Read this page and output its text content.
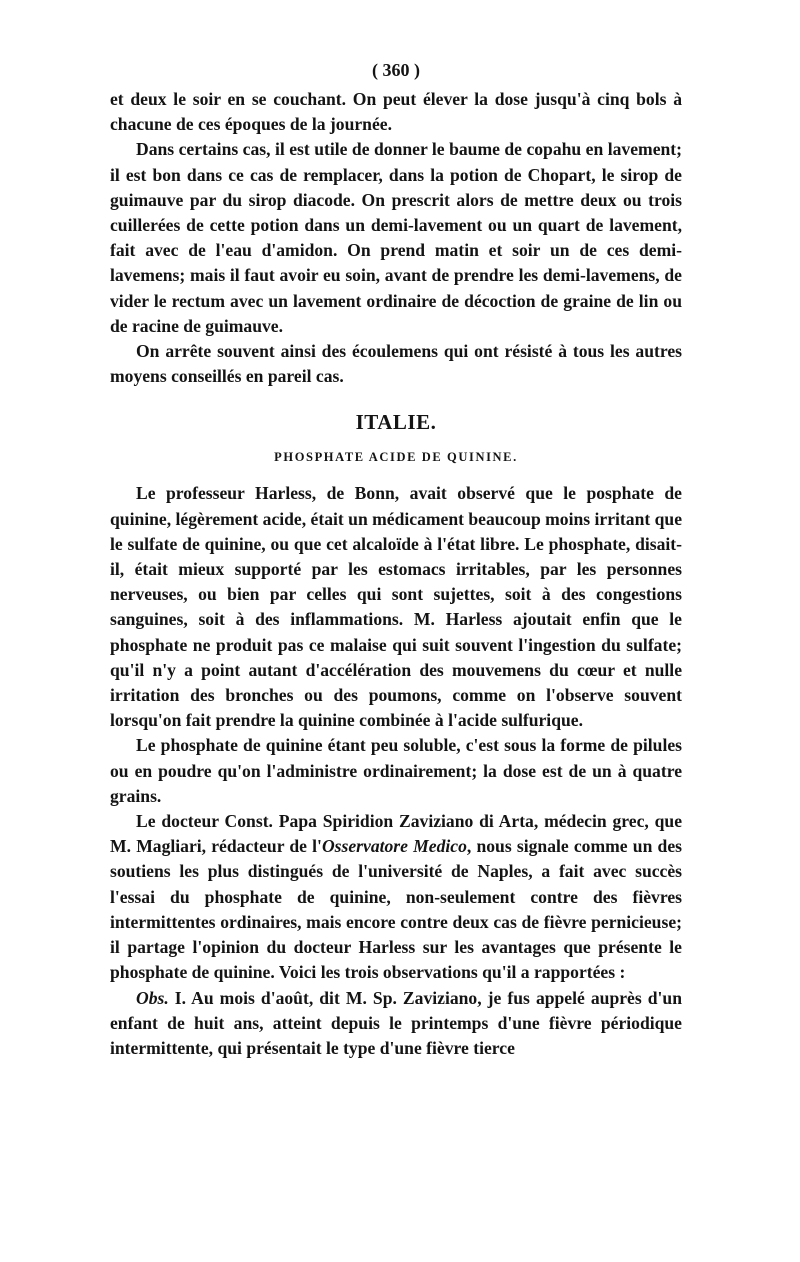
( 360 )

et deux le soir en se couchant. On peut élever la dose jusqu'à cinq bols à chacune de ces époques de la journée.

Dans certains cas, il est utile de donner le baume de copahu en lavement; il est bon dans ce cas de remplacer, dans la potion de Chopart, le sirop de guimauve par du sirop diacode. On prescrit alors de mettre deux ou trois cuillerées de cette potion dans un demi-lavement ou un quart de lavement, fait avec de l'eau d'amidon. On prend matin et soir un de ces demi-lavemens; mais il faut avoir eu soin, avant de prendre les demi-lavemens, de vider le rectum avec un lavement ordinaire de décoction de graine de lin ou de racine de guimauve.

On arrête souvent ainsi des écoulemens qui ont résisté à tous les autres moyens conseillés en pareil cas.

ITALIE.
PHOSPHATE ACIDE DE QUININE.

Le professeur Harless, de Bonn, avait observé que le posphate de quinine, légèrement acide, était un médicament beaucoup moins irritant que le sulfate de quinine, ou que cet alcaloïde à l'état libre. Le phosphate, disait-il, était mieux supporté par les estomacs irritables, par les personnes nerveuses, ou bien par celles qui sont sujettes, soit à des congestions sanguines, soit à des inflammations. M. Harless ajoutait enfin que le phosphate ne produit pas ce malaise qui suit souvent l'ingestion du sulfate; qu'il n'y a point autant d'accélération des mouvemens du cœur et nulle irritation des bronches ou des poumons, comme on l'observe souvent lorsqu'on fait prendre la quinine combinée à l'acide sulfurique.

Le phosphate de quinine étant peu soluble, c'est sous la forme de pilules ou en poudre qu'on l'administre ordinairement; la dose est de un à quatre grains.

Le docteur Const. Papa Spiridion Zaviziano di Arta, médecin grec, que M. Magliari, rédacteur de l'Osservatore Medico, nous signale comme un des soutiens les plus distingués de l'université de Naples, a fait avec succès l'essai du phosphate de quinine, non-seulement contre des fièvres intermittentes ordinaires, mais encore contre deux cas de fièvre pernicieuse; il partage l'opinion du docteur Harless sur les avantages que présente le phosphate de quinine. Voici les trois observations qu'il a rapportées :

Obs. I. Au mois d'août, dit M. Sp. Zaviziano, je fus appelé auprès d'un enfant de huit ans, atteint depuis le printemps d'une fièvre périodique intermittente, qui présentait le type d'une fièvre tierce
